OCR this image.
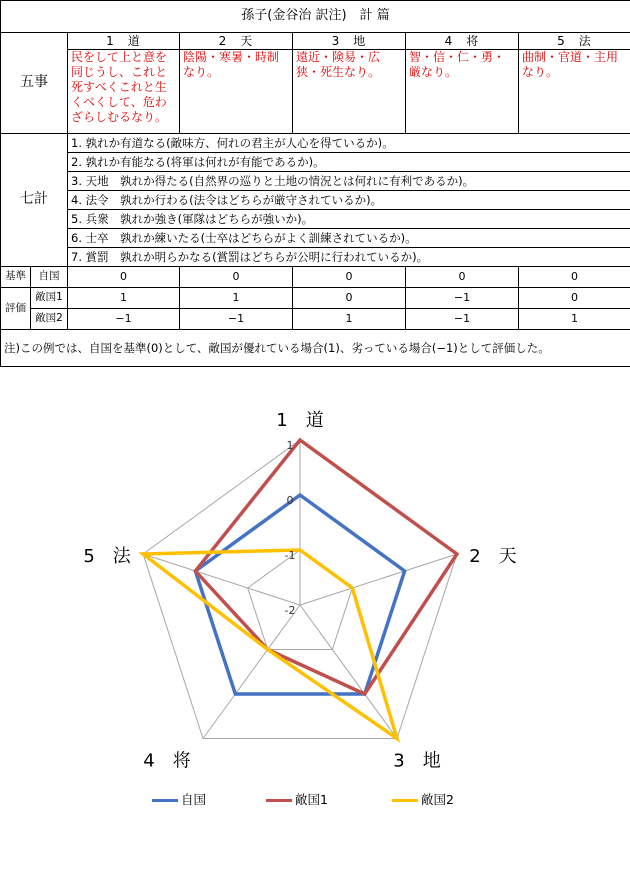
孫子(金谷治 訳注)　計 篇						
五事		1　道	2　天	3　地	4　将	5　法
		民をして上と意を同じうし、これと死すべくこれと生くべくして、危わざらしむるなり。	陰陽・寒暑・時制なり。	遠近・険易・広狭・死生なり。	智・信・仁・勇・厳なり。	曲制・官道・主用なり。
七計		1. 孰れか有道なる(敵味方、何れの君主が人心を得ているか)。				
		2. 孰れか有能なる(将軍は何れが有能であるか)。				
		3. 天地　孰れか得たる(自然界の巡りと土地の情況とは何れに有利であるか)。				
		4. 法令　孰れか行わる(法令はどちらが厳守されているか)。				
		5. 兵衆　孰れか強き(軍隊はどちらが強いか)。				
		6. 士卒　孰れか練いたる(士卒はどちらがよく訓練されているか)。				
		7. 賞罰　孰れか明らかなる(賞罰はどちらが公明に行われているか)。				
基準	自国	0	0	0	0	0
評価	敵国1	1	1	0	−1	0
	敵国2	−1	−1	1	−1	1
注)この例では、自国を基準(0)として、敵国が優れている場合(1)、劣っている場合(−1)として評価した。						
1
0
-1
-2
1　道
2　天
3　地
4　将
5　法
自国	敵国1	敵国2
